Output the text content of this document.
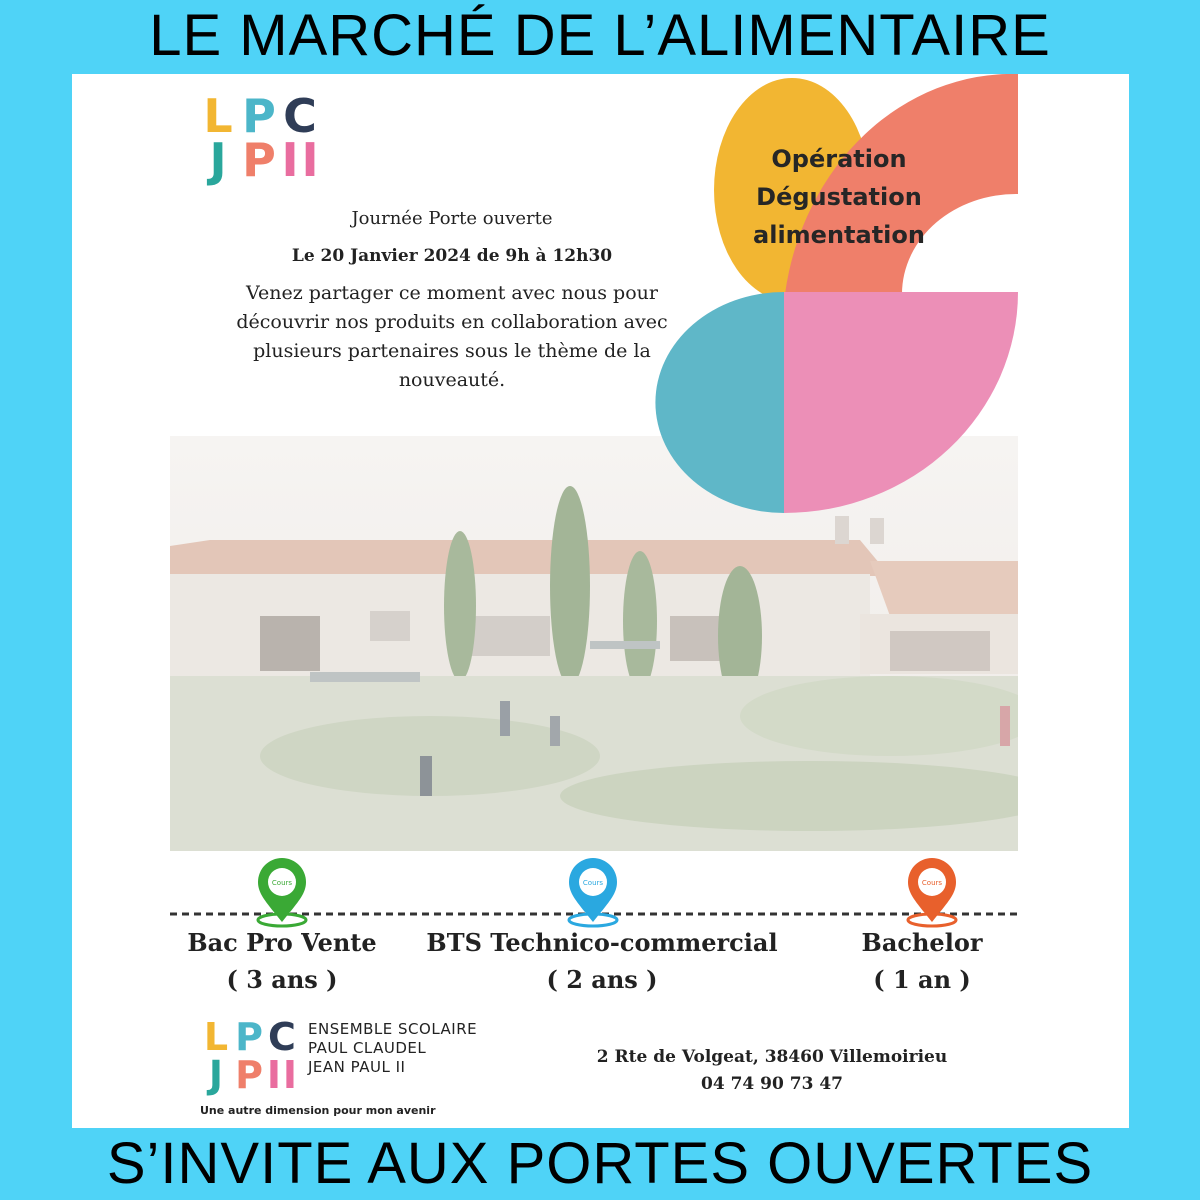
LE MARCHÉ DE L’ALIMENTAIRE
L P C
J P I I
Journée Porte ouverte
Le 20 Janvier 2024 de 9h à 12h30
Venez partager ce moment avec nous pour
découvrir nos produits en collaboration avec
plusieurs partenaires sous le thème de la
nouveauté.
Opération
Dégustation
alimentation
Cours	Cours	Cours
Bac Pro Vente
( 3 ans )
BTS Technico-commercial
( 2 ans )
Bachelor
( 1 an )
L P C
J P I I
ENSEMBLE SCOLAIRE
PAUL CLAUDEL
JEAN PAUL II
Une autre dimension pour mon avenir
2 Rte de Volgeat, 38460 Villemoirieu
04 74 90 73 47
S’INVITE AUX PORTES OUVERTES
